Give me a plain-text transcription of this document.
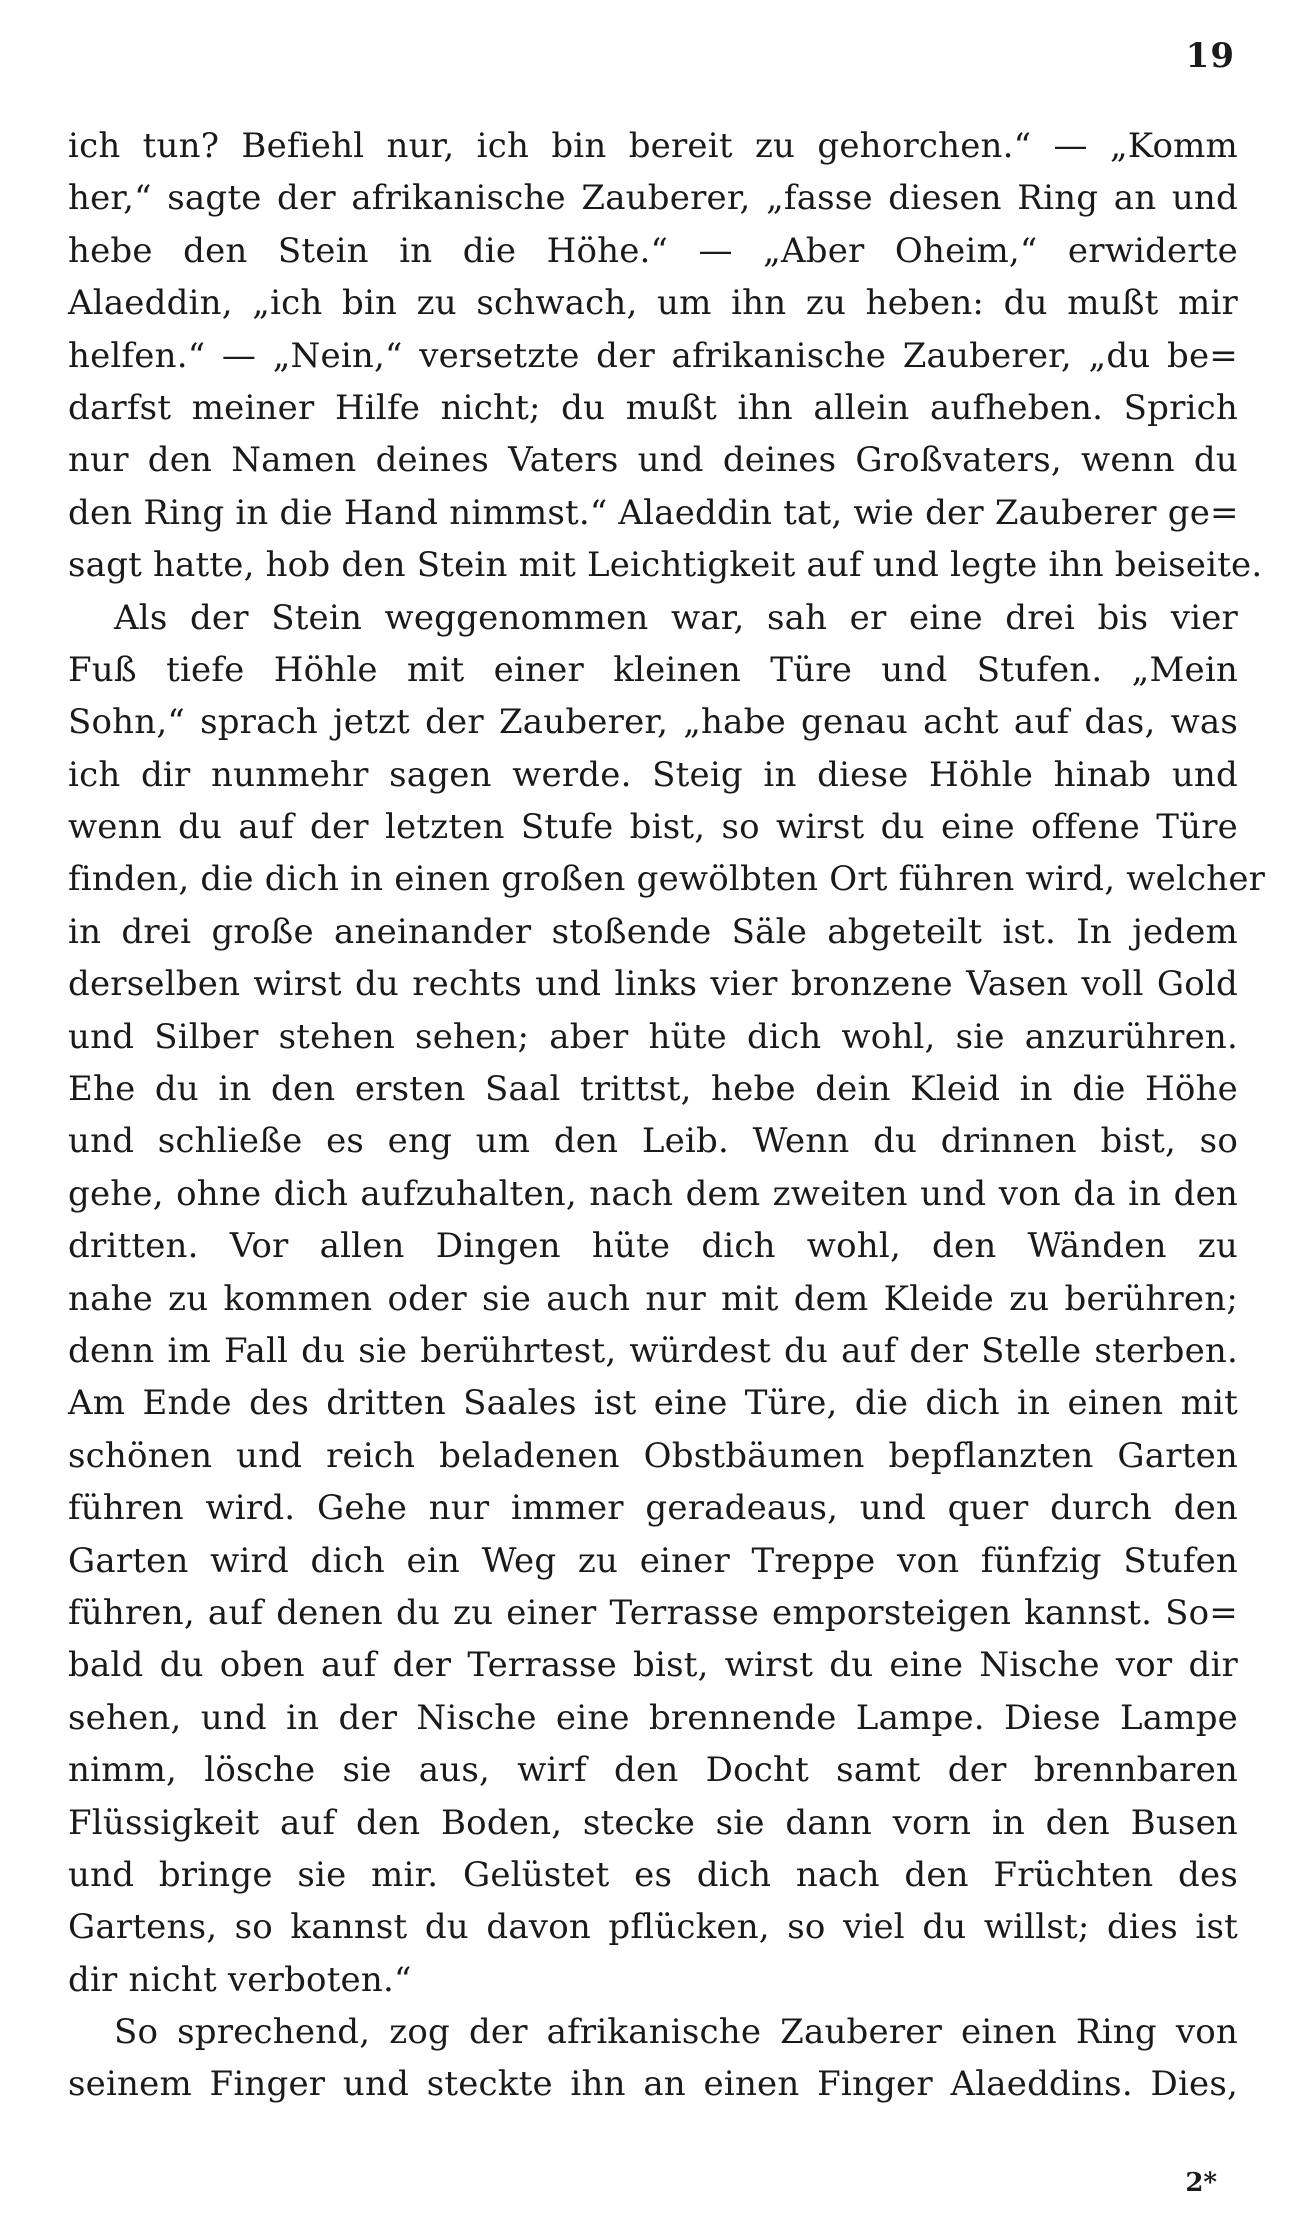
19
ich tun? Befiehl nur, ich bin bereit zu gehorchen.“ — „Komm
her,“ sagte der afrikanische Zauberer, „fasse diesen Ring an und
hebe den Stein in die Höhe.“ — „Aber Oheim,“ erwiderte
Alaeddin, „ich bin zu schwach, um ihn zu heben: du mußt mir
helfen.“ — „Nein,“ versetzte der afrikanische Zauberer, „du be=
darfst meiner Hilfe nicht; du mußt ihn allein aufheben. Sprich
nur den Namen deines Vaters und deines Großvaters, wenn du
den Ring in die Hand nimmst.“ Alaeddin tat, wie der Zauberer ge=
sagt hatte, hob den Stein mit Leichtigkeit auf und legte ihn beiseite.
Als der Stein weggenommen war, sah er eine drei bis vier
Fuß tiefe Höhle mit einer kleinen Türe und Stufen. „Mein
Sohn,“ sprach jetzt der Zauberer, „habe genau acht auf das, was
ich dir nunmehr sagen werde. Steig in diese Höhle hinab und
wenn du auf der letzten Stufe bist, so wirst du eine offene Türe
finden, die dich in einen großen gewölbten Ort führen wird, welcher
in drei große aneinander stoßende Säle abgeteilt ist. In jedem
derselben wirst du rechts und links vier bronzene Vasen voll Gold
und Silber stehen sehen; aber hüte dich wohl, sie anzurühren.
Ehe du in den ersten Saal trittst, hebe dein Kleid in die Höhe
und schließe es eng um den Leib. Wenn du drinnen bist, so
gehe, ohne dich aufzuhalten, nach dem zweiten und von da in den
dritten. Vor allen Dingen hüte dich wohl, den Wänden zu
nahe zu kommen oder sie auch nur mit dem Kleide zu berühren;
denn im Fall du sie berührtest, würdest du auf der Stelle sterben.
Am Ende des dritten Saales ist eine Türe, die dich in einen mit
schönen und reich beladenen Obstbäumen bepflanzten Garten
führen wird. Gehe nur immer geradeaus, und quer durch den
Garten wird dich ein Weg zu einer Treppe von fünfzig Stufen
führen, auf denen du zu einer Terrasse emporsteigen kannst. So=
bald du oben auf der Terrasse bist, wirst du eine Nische vor dir
sehen, und in der Nische eine brennende Lampe. Diese Lampe
nimm, lösche sie aus, wirf den Docht samt der brennbaren
Flüssigkeit auf den Boden, stecke sie dann vorn in den Busen
und bringe sie mir. Gelüstet es dich nach den Früchten des
Gartens, so kannst du davon pflücken, so viel du willst; dies ist
dir nicht verboten.“
So sprechend, zog der afrikanische Zauberer einen Ring von
seinem Finger und steckte ihn an einen Finger Alaeddins. Dies,
2*
